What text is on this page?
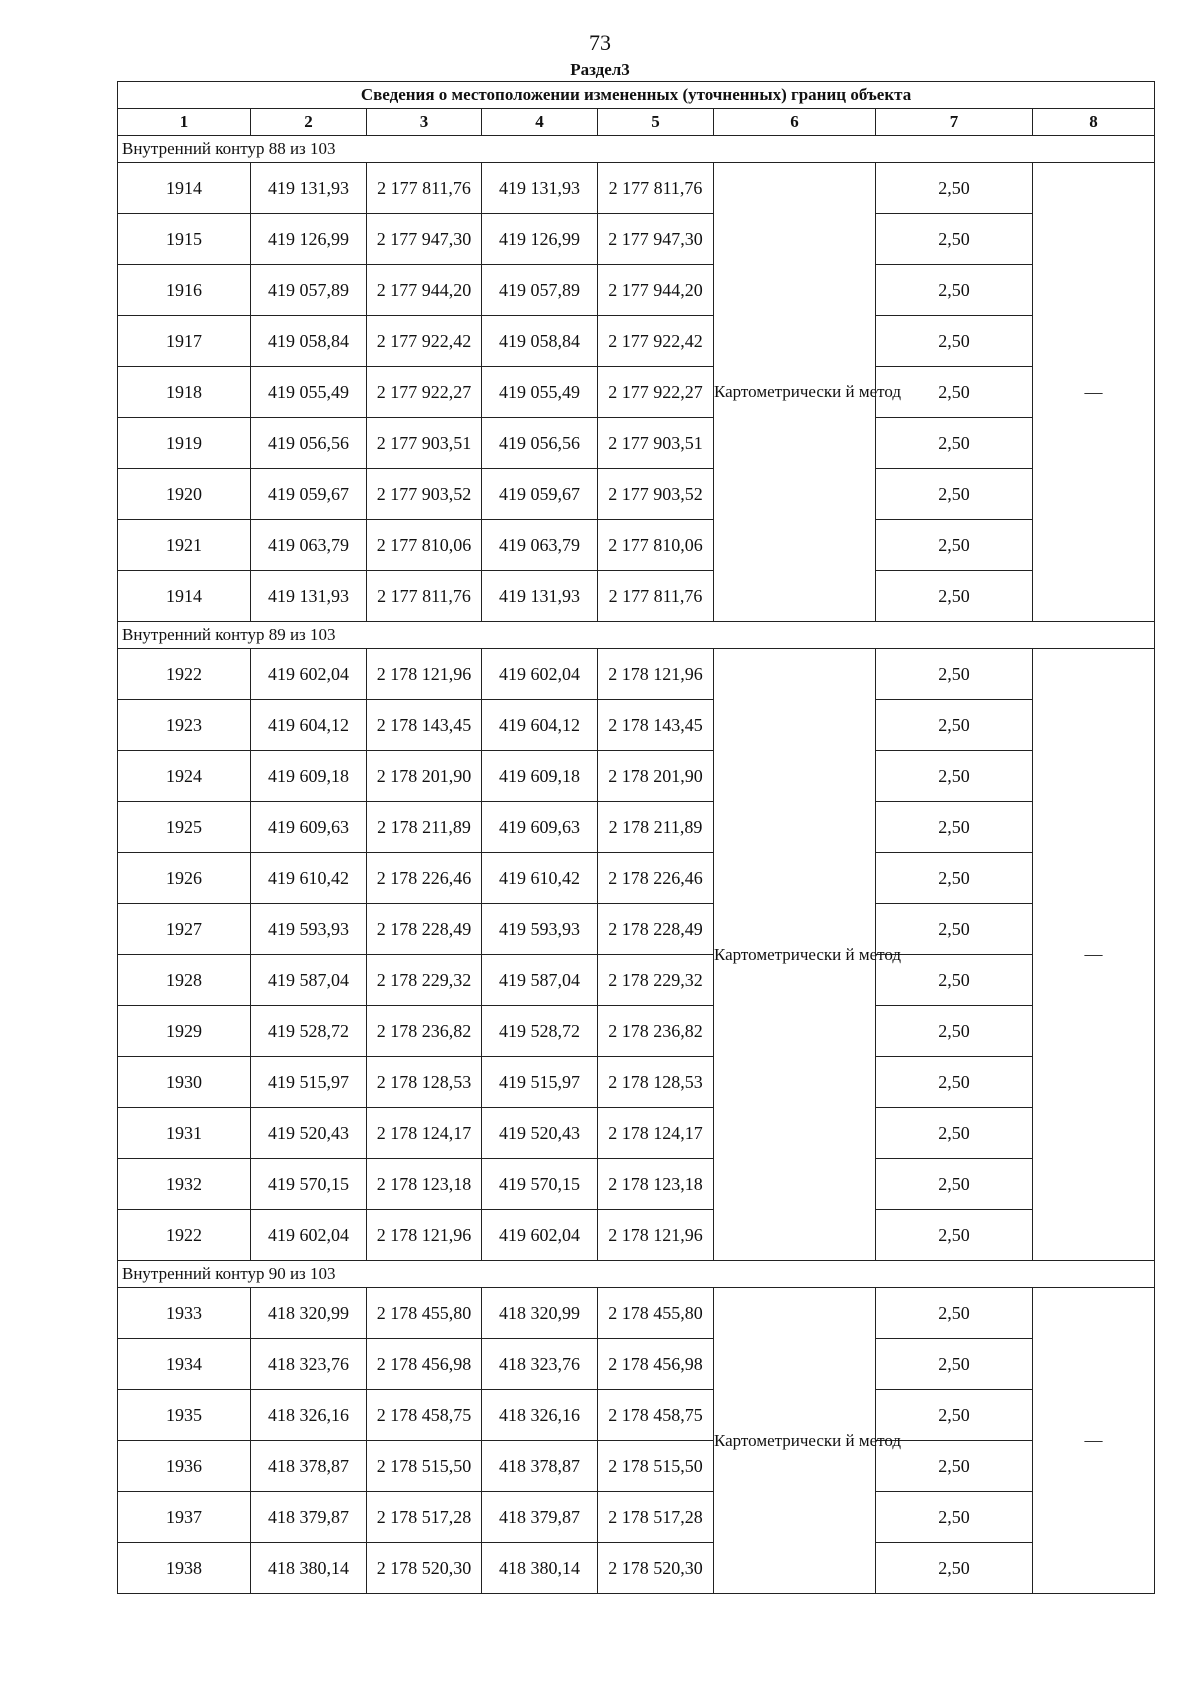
73
Раздел3
Сведения о местоположении измененных (уточненных) границ объекта							
1	2	3	4	5	6	7	8
Внутренний контур 88 из 103							
1914	419 131,93	2 177 811,76	419 131,93	2 177 811,76	Картометрически й метод	2,50	—
1915	419 126,99	2 177 947,30	419 126,99	2 177 947,30		2,50	
1916	419 057,89	2 177 944,20	419 057,89	2 177 944,20		2,50	
1917	419 058,84	2 177 922,42	419 058,84	2 177 922,42		2,50	
1918	419 055,49	2 177 922,27	419 055,49	2 177 922,27		2,50	
1919	419 056,56	2 177 903,51	419 056,56	2 177 903,51		2,50	
1920	419 059,67	2 177 903,52	419 059,67	2 177 903,52		2,50	
1921	419 063,79	2 177 810,06	419 063,79	2 177 810,06		2,50	
1914	419 131,93	2 177 811,76	419 131,93	2 177 811,76		2,50	
Внутренний контур 89 из 103							
1922	419 602,04	2 178 121,96	419 602,04	2 178 121,96	Картометрически й метод	2,50	—
1923	419 604,12	2 178 143,45	419 604,12	2 178 143,45		2,50	
1924	419 609,18	2 178 201,90	419 609,18	2 178 201,90		2,50	
1925	419 609,63	2 178 211,89	419 609,63	2 178 211,89		2,50	
1926	419 610,42	2 178 226,46	419 610,42	2 178 226,46		2,50	
1927	419 593,93	2 178 228,49	419 593,93	2 178 228,49		2,50	
1928	419 587,04	2 178 229,32	419 587,04	2 178 229,32		2,50	
1929	419 528,72	2 178 236,82	419 528,72	2 178 236,82		2,50	
1930	419 515,97	2 178 128,53	419 515,97	2 178 128,53		2,50	
1931	419 520,43	2 178 124,17	419 520,43	2 178 124,17		2,50	
1932	419 570,15	2 178 123,18	419 570,15	2 178 123,18		2,50	
1922	419 602,04	2 178 121,96	419 602,04	2 178 121,96		2,50	
Внутренний контур 90 из 103							
1933	418 320,99	2 178 455,80	418 320,99	2 178 455,80	Картометрически й метод	2,50	—
1934	418 323,76	2 178 456,98	418 323,76	2 178 456,98		2,50	
1935	418 326,16	2 178 458,75	418 326,16	2 178 458,75		2,50	
1936	418 378,87	2 178 515,50	418 378,87	2 178 515,50		2,50	
1937	418 379,87	2 178 517,28	418 379,87	2 178 517,28		2,50	
1938	418 380,14	2 178 520,30	418 380,14	2 178 520,30		2,50	
